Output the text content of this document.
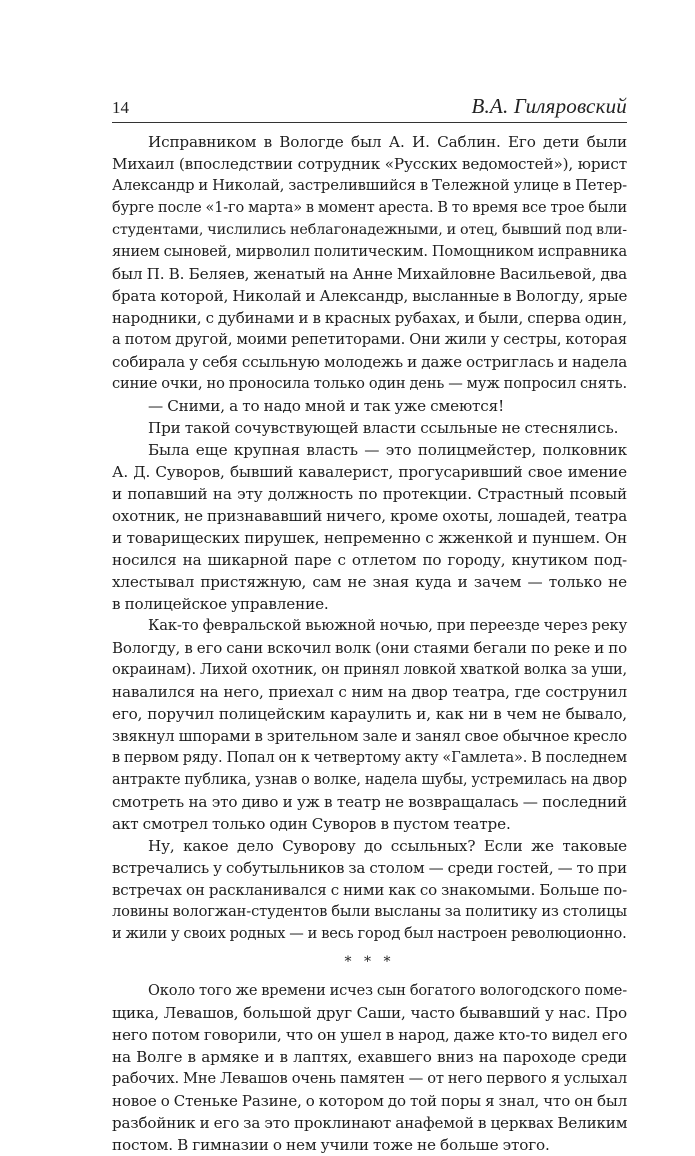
14	В.А. Гиляровский
Исправником в Вологде был А. И. Саблин. Его дети были
Михаил (впоследствии сотрудник «Русских ведомостей»), юрист
Александр и Николай, застрелившийся в Тележной улице в Петер-
бурге после «1-го марта» в момент ареста. В то время все трое были
студентами, числились неблагонадежными, и отец, бывший под вли-
янием сыновей, мирволил политическим. Помощником исправника
был П. В. Беляев, женатый на Анне Михайловне Васильевой, два
брата которой, Николай и Александр, высланные в Вологду, ярые
народники, с дубинами и в красных рубахах, и были, сперва один,
а потом другой, моими репетиторами. Они жили у сестры, которая
собирала у себя ссыльную молодежь и даже остриглась и надела
синие очки, но проносила только один день — муж попросил снять.
— Сними, а то надо мной и так уже смеются!
При такой сочувствующей власти ссыльные не стеснялись.
Была еще крупная власть — это полицмейстер, полковник
А. Д. Суворов, бывший кавалерист, прогусаривший свое имение
и попавший на эту должность по протекции. Страстный псовый
охотник, не признававший ничего, кроме охоты, лошадей, театра
и товарищеских пирушек, непременно с жженкой и пуншем. Он
носился на шикарной паре с отлетом по городу, кнутиком под-
хлестывал пристяжную, сам не зная куда и зачем — только не
в полицейское управление.
Как-то февральской вьюжной ночью, при переезде через реку
Вологду, в его сани вскочил волк (они стаями бегали по реке и по
окраинам). Лихой охотник, он принял ловкой хваткой волка за уши,
навалился на него, приехал с ним на двор театра, где сострунил
его, поручил полицейским караулить и, как ни в чем не бывало,
звякнул шпорами в зрительном зале и занял свое обычное кресло
в первом ряду. Попал он к четвертому акту «Гамлета». В последнем
антракте публика, узнав о волке, надела шубы, устремилась на двор
смотреть на это диво и уж в театр не возвращалась — последний
акт смотрел только один Суворов в пустом театре.
Ну, какое дело Суворову до ссыльных? Если же таковые
встречались у собутыльников за столом — среди гостей, — то при
встречах он раскланивался с ними как со знакомыми. Больше по-
ловины вологжан-студентов были высланы за политику из столицы
и жили у своих родных — и весь город был настроен революционно.
* * *
Около того же времени исчез сын богатого вологодского поме-
щика, Левашов, большой друг Саши, часто бывавший у нас. Про
него потом говорили, что он ушел в народ, даже кто-то видел его
на Волге в армяке и в лаптях, ехавшего вниз на пароходе среди
рабочих. Мне Левашов очень памятен — от него первого я услыхал
новое о Стеньке Разине, о котором до той поры я знал, что он был
разбойник и его за это проклинают анафемой в церквах Великим
постом. В гимназии о нем учили тоже не больше этого.
